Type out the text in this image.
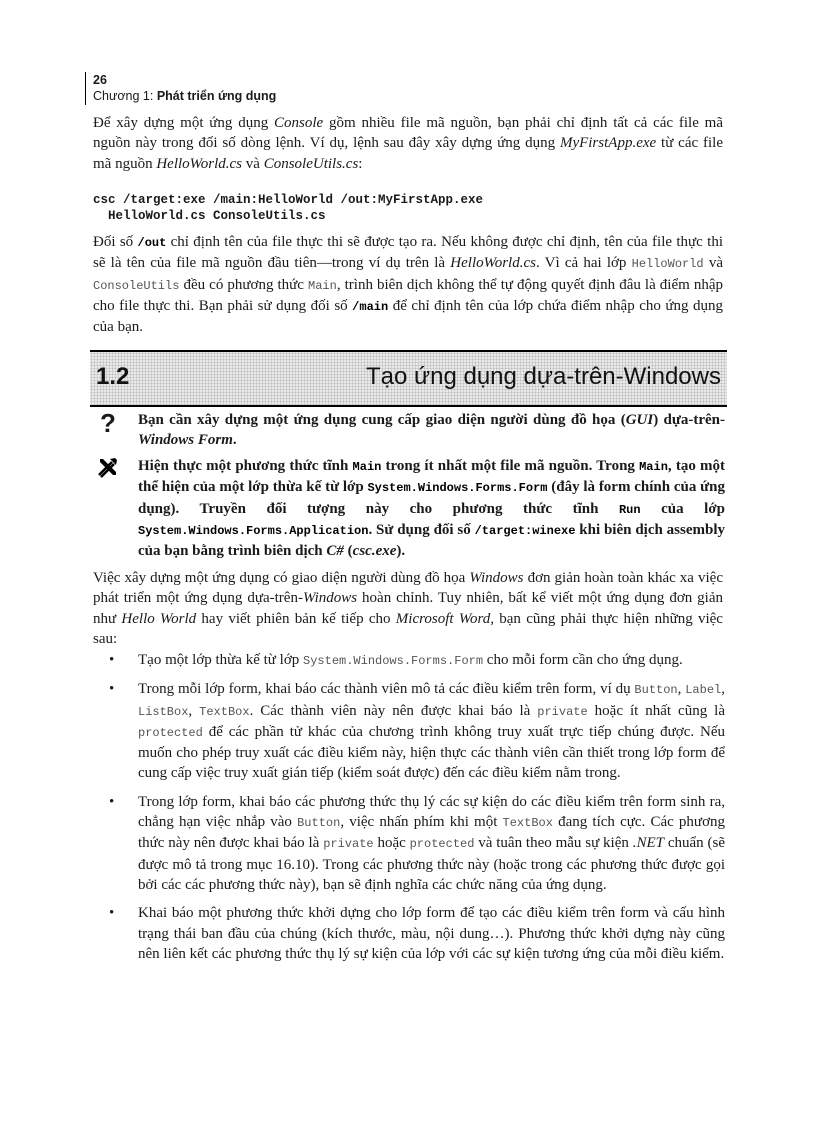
26
Chương 1: Phát triển ứng dụng

Để xây dựng một ứng dụng Console gồm nhiều file mã nguồn, bạn phải chỉ định tất cả các file mã nguồn này trong đối số dòng lệnh. Ví dụ, lệnh sau đây xây dựng ứng dụng MyFirstApp.exe từ các file mã nguồn HelloWorld.cs và ConsoleUtils.cs:

csc /target:exe /main:HelloWorld /out:MyFirstApp.exe
HelloWorld.cs ConsoleUtils.cs

Đối số /out chỉ định tên của file thực thi sẽ được tạo ra. Nếu không được chỉ định, tên của file thực thi sẽ là tên của file mã nguồn đầu tiên—trong ví dụ trên là HelloWorld.cs. Vì cả hai lớp HelloWorld và ConsoleUtils đều có phương thức Main, trình biên dịch không thể tự động quyết định đâu là điểm nhập cho file thực thi. Bạn phải sử dụng đối số /main để chỉ định tên của lớp chứa điểm nhập cho ứng dụng của bạn.

1.2	Tạo ứng dụng dựa-trên-Windows
?	Bạn cần xây dựng một ứng dụng cung cấp giao diện người dùng đồ họa (GUI) dựa-trên-Windows Form.
Hiện thực một phương thức tĩnh Main trong ít nhất một file mã nguồn. Trong Main, tạo một thể hiện của một lớp thừa kế từ lớp System.Windows.Forms.Form (đây là form chính của ứng dụng). Truyền đối tượng này cho phương thức tĩnh Run của lớp System.Windows.Forms.Application. Sử dụng đối số /target:winexe khi biên dịch assembly của bạn bằng trình biên dịch C# (csc.exe).

Việc xây dựng một ứng dụng có giao diện người dùng đồ họa Windows đơn giản hoàn toàn khác xa việc phát triển một ứng dụng dựa-trên-Windows hoàn chỉnh. Tuy nhiên, bất kể viết một ứng dụng đơn giản như Hello World hay viết phiên bản kế tiếp cho Microsoft Word, bạn cũng phải thực hiện những việc sau:

• Tạo một lớp thừa kế từ lớp System.Windows.Forms.Form cho mỗi form cần cho ứng dụng.
• Trong mỗi lớp form, khai báo các thành viên mô tả các điều kiểm trên form, ví dụ Button, Label, ListBox, TextBox. Các thành viên này nên được khai báo là private hoặc ít nhất cũng là protected để các phần tử khác của chương trình không truy xuất trực tiếp chúng được. Nếu muốn cho phép truy xuất các điều kiểm này, hiện thực các thành viên cần thiết trong lớp form để cung cấp việc truy xuất gián tiếp (kiểm soát được) đến các điều kiểm nằm trong.
• Trong lớp form, khai báo các phương thức thụ lý các sự kiện do các điều kiểm trên form sinh ra, chẳng hạn việc nhắp vào Button, việc nhấn phím khi một TextBox đang tích cực. Các phương thức này nên được khai báo là private hoặc protected và tuân theo mẫu sự kiện .NET chuẩn (sẽ được mô tả trong mục 16.10). Trong các phương thức này (hoặc trong các phương thức được gọi bởi các các phương thức này), bạn sẽ định nghĩa các chức năng của ứng dụng.
• Khai báo một phương thức khởi dựng cho lớp form để tạo các điều kiểm trên form và cấu hình trạng thái ban đầu của chúng (kích thước, màu, nội dung…). Phương thức khởi dựng này cũng nên liên kết các phương thức thụ lý sự kiện của lớp với các sự kiện tương ứng của mỗi điều kiểm.
